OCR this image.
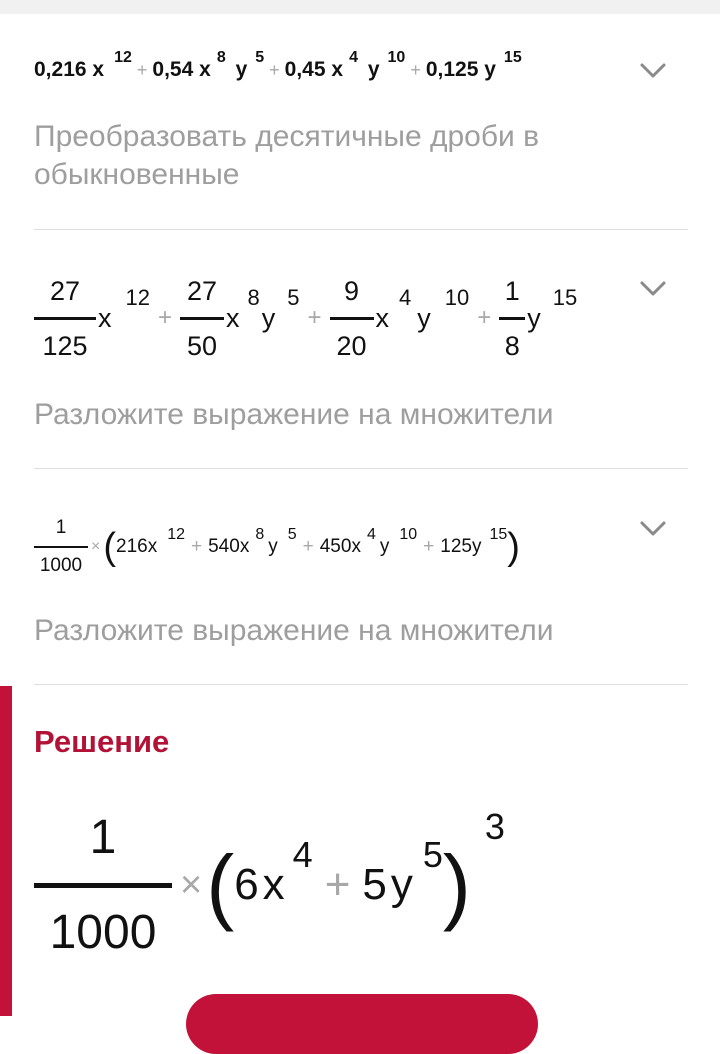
0,216 x12
+ 0,54 x8 y5
+ 0,45 x4 y10
+ 0,125 y15
Преобразовать десятичные дроби в обыкновенные
$\frac{27}{125}$ x
12
+ $\frac{27}{50}$ x
8
y
5
+ $\frac{9}{20}$ x
4
y
10
+ $\frac{1}{8}$ y
15
Разложите выражение на множители
$\frac{1}{1000}$ × ( 216 x
12
+ 540 x
8
y
5
+ 450 x
4
y
10
+ 125 y
15 )
Разложите выражение на множители
Решение
1
1000
× ( 6 x
4
+ 5 y
5 )
3
